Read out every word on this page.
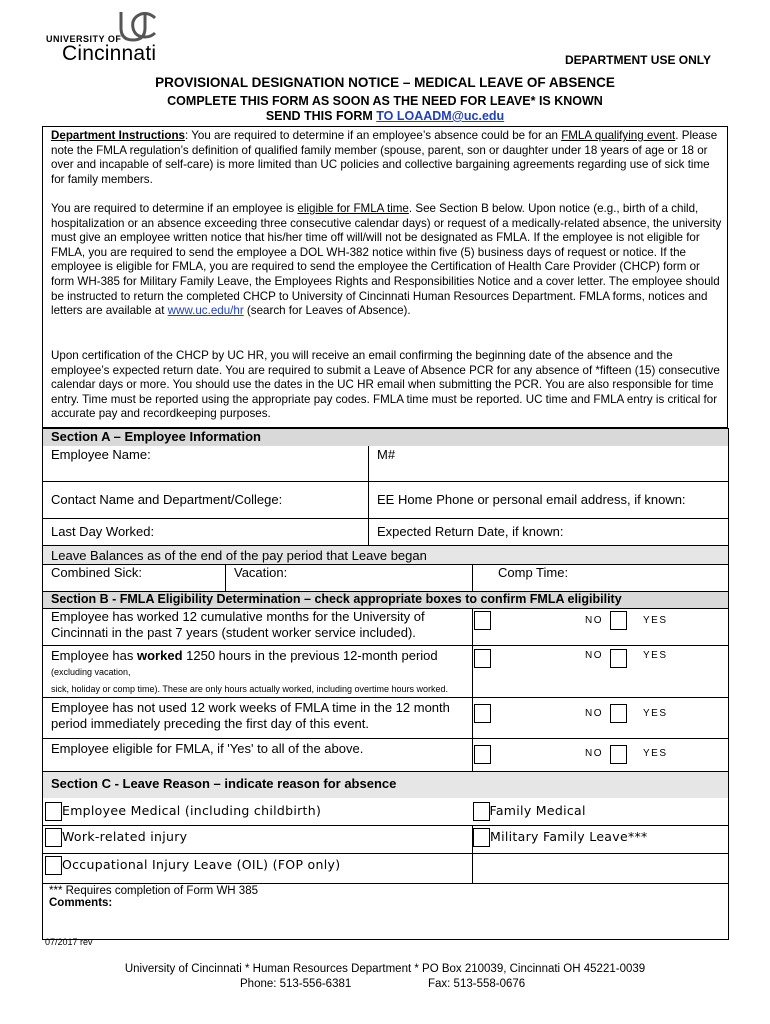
UNIVERSITY OF
Cincinnati	DEPARTMENT USE ONLY
PROVISIONAL DESIGNATION NOTICE – MEDICAL LEAVE OF ABSENCE
COMPLETE THIS FORM AS SOON AS THE NEED FOR LEAVE* IS KNOWN
SEND THIS FORM TO LOAADM@uc.edu
Department Instructions: You are required to determine if an employee’s absence could be for an FMLA qualifying event. Please note the FMLA regulation’s definition of qualified family member (spouse, parent, son or daughter under 18 years of age or 18 or over and incapable of self-care) is more limited than UC policies and collective bargaining agreements regarding use of sick time for family members.
You are required to determine if an employee is eligible for FMLA time. See Section B below. Upon notice (e.g., birth of a child, hospitalization or an absence exceeding three consecutive calendar days) or request of a medically-related absence, the university must give an employee written notice that his/her time off will/will not be designated as FMLA. If the employee is not eligible for FMLA, you are required to send the employee a DOL WH-382 notice within five (5) business days of request or notice. If the employee is eligible for FMLA, you are required to send the employee the Certification of Health Care Provider (CHCP) form or form WH-385 for Military Family Leave, the Employees Rights and Responsibilities Notice and a cover letter. The employee should be instructed to return the completed CHCP to University of Cincinnati Human Resources Department. FMLA forms, notices and letters are available at www.uc.edu/hr (search for Leaves of Absence).
Upon certification of the CHCP by UC HR, you will receive an email confirming the beginning date of the absence and the employee’s expected return date. You are required to submit a Leave of Absence PCR for any absence of *fifteen (15) consecutive calendar days or more. You should use the dates in the UC HR email when submitting the PCR. You are also responsible for time entry. Time must be reported using the appropriate pay codes. FMLA time must be reported. UC time and FMLA entry is critical for accurate pay and recordkeeping purposes.
Section A – Employee Information			
Employee Name:		M#	
Contact Name and Department/College:		EE Home Phone or personal email address, if known:	
Last Day Worked:		Expected Return Date, if known:	
Leave Balances as of the end of the pay period that Leave began			
Combined Sick:	Vacation:		Comp Time:
Section B - FMLA Eligibility Determination – check appropriate boxes to confirm FMLA eligibility			
Employee has worked 12 cumulative months for the University of Cincinnati in the past 7 years (student worker service included).			NO YES

Employee has worked 1250 hours in the previous 12-month period (excluding vacation,
sick, holiday or comp time). These are only hours actually worked, including overtime hours worked.			NO YES

Employee has not used 12 work weeks of FMLA time in the 12 month period immediately preceding the first day of this event.			NO YES

Employee eligible for FMLA, if 'Yes' to all of the above.			NO YES

Section C - Leave Reason – indicate reason for absence			
Employee Medical (including childbirth)			Family Medical
Work-related injury			Military Family Leave***
Occupational Injury Leave (OIL) (FOP only)			

*** Requires completion of Form WH 385
Comments:			
07/2017 rev
University of Cincinnati * Human Resources Department * PO Box 210039, Cincinnati OH 45221-0039
Phone: 513-556-6381	Fax: 513-558-0676
